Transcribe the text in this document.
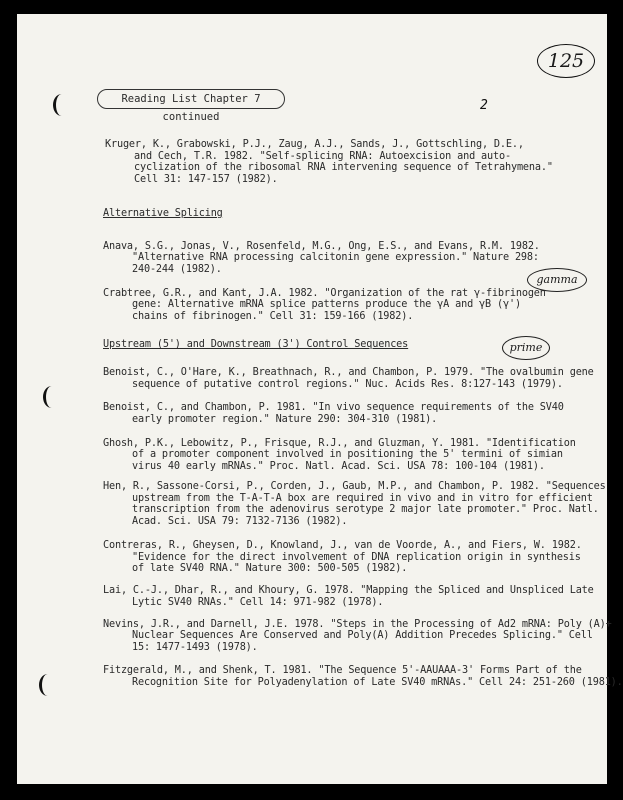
125
Reading List Chapter 7 continued
2
Kruger, K., Grabowski, P.J., Zaug, A.J., Sands, J., Gottschling, D.E.,
and Cech, T.R. 1982. "Self-splicing RNA: Autoexcision and auto-
cyclization of the ribosomal RNA intervening sequence of Tetrahymena."
Cell 31: 147-157 (1982).
Alternative Splicing
Anava, S.G., Jonas, V., Rosenfeld, M.G., Ong, E.S., and Evans, R.M. 1982.
"Alternative RNA processing calcitonin gene expression." Nature 298:
240-244 (1982).
Crabtree, G.R., and Kant, J.A. 1982. "Organization of the rat γ-fibrinogen
gene: Alternative mRNA splice patterns produce the γA and γB (γ')
chains of fibrinogen." Cell 31: 159-166 (1982).
gamma
prime
Upstream (5') and Downstream (3') Control Sequences
Benoist, C., O'Hare, K., Breathnach, R., and Chambon, P. 1979. "The ovalbumin gene
sequence of putative control regions." Nuc. Acids Res. 8:127-143 (1979).
Benoist, C., and Chambon, P. 1981. "In vivo sequence requirements of the SV40
early promoter region." Nature 290: 304-310 (1981).
Ghosh, P.K., Lebowitz, P., Frisque, R.J., and Gluzman, Y. 1981. "Identification
of a promoter component involved in positioning the 5' termini of simian
virus 40 early mRNAs." Proc. Natl. Acad. Sci. USA 78: 100-104 (1981).
Hen, R., Sassone-Corsi, P., Corden, J., Gaub, M.P., and Chambon, P. 1982. "Sequences
upstream from the T-A-T-A box are required in vivo and in vitro for efficient
transcription from the adenovirus serotype 2 major late promoter." Proc. Natl.
Acad. Sci. USA 79: 7132-7136 (1982).
Contreras, R., Gheysen, D., Knowland, J., van de Voorde, A., and Fiers, W. 1982.
"Evidence for the direct involvement of DNA replication origin in synthesis
of late SV40 RNA." Nature 300: 500-505 (1982).
Lai, C.-J., Dhar, R., and Khoury, G. 1978. "Mapping the Spliced and Unspliced Late
Lytic SV40 RNAs." Cell 14: 971-982 (1978).
Nevins, J.R., and Darnell, J.E. 1978. "Steps in the Processing of Ad2 mRNA: Poly (A)+
Nuclear Sequences Are Conserved and Poly(A) Addition Precedes Splicing." Cell
15: 1477-1493 (1978).
Fitzgerald, M., and Shenk, T. 1981. "The Sequence 5'-AAUAAA-3' Forms Part of the
Recognition Site for Polyadenylation of Late SV40 mRNAs." Cell 24: 251-260 (1981).
